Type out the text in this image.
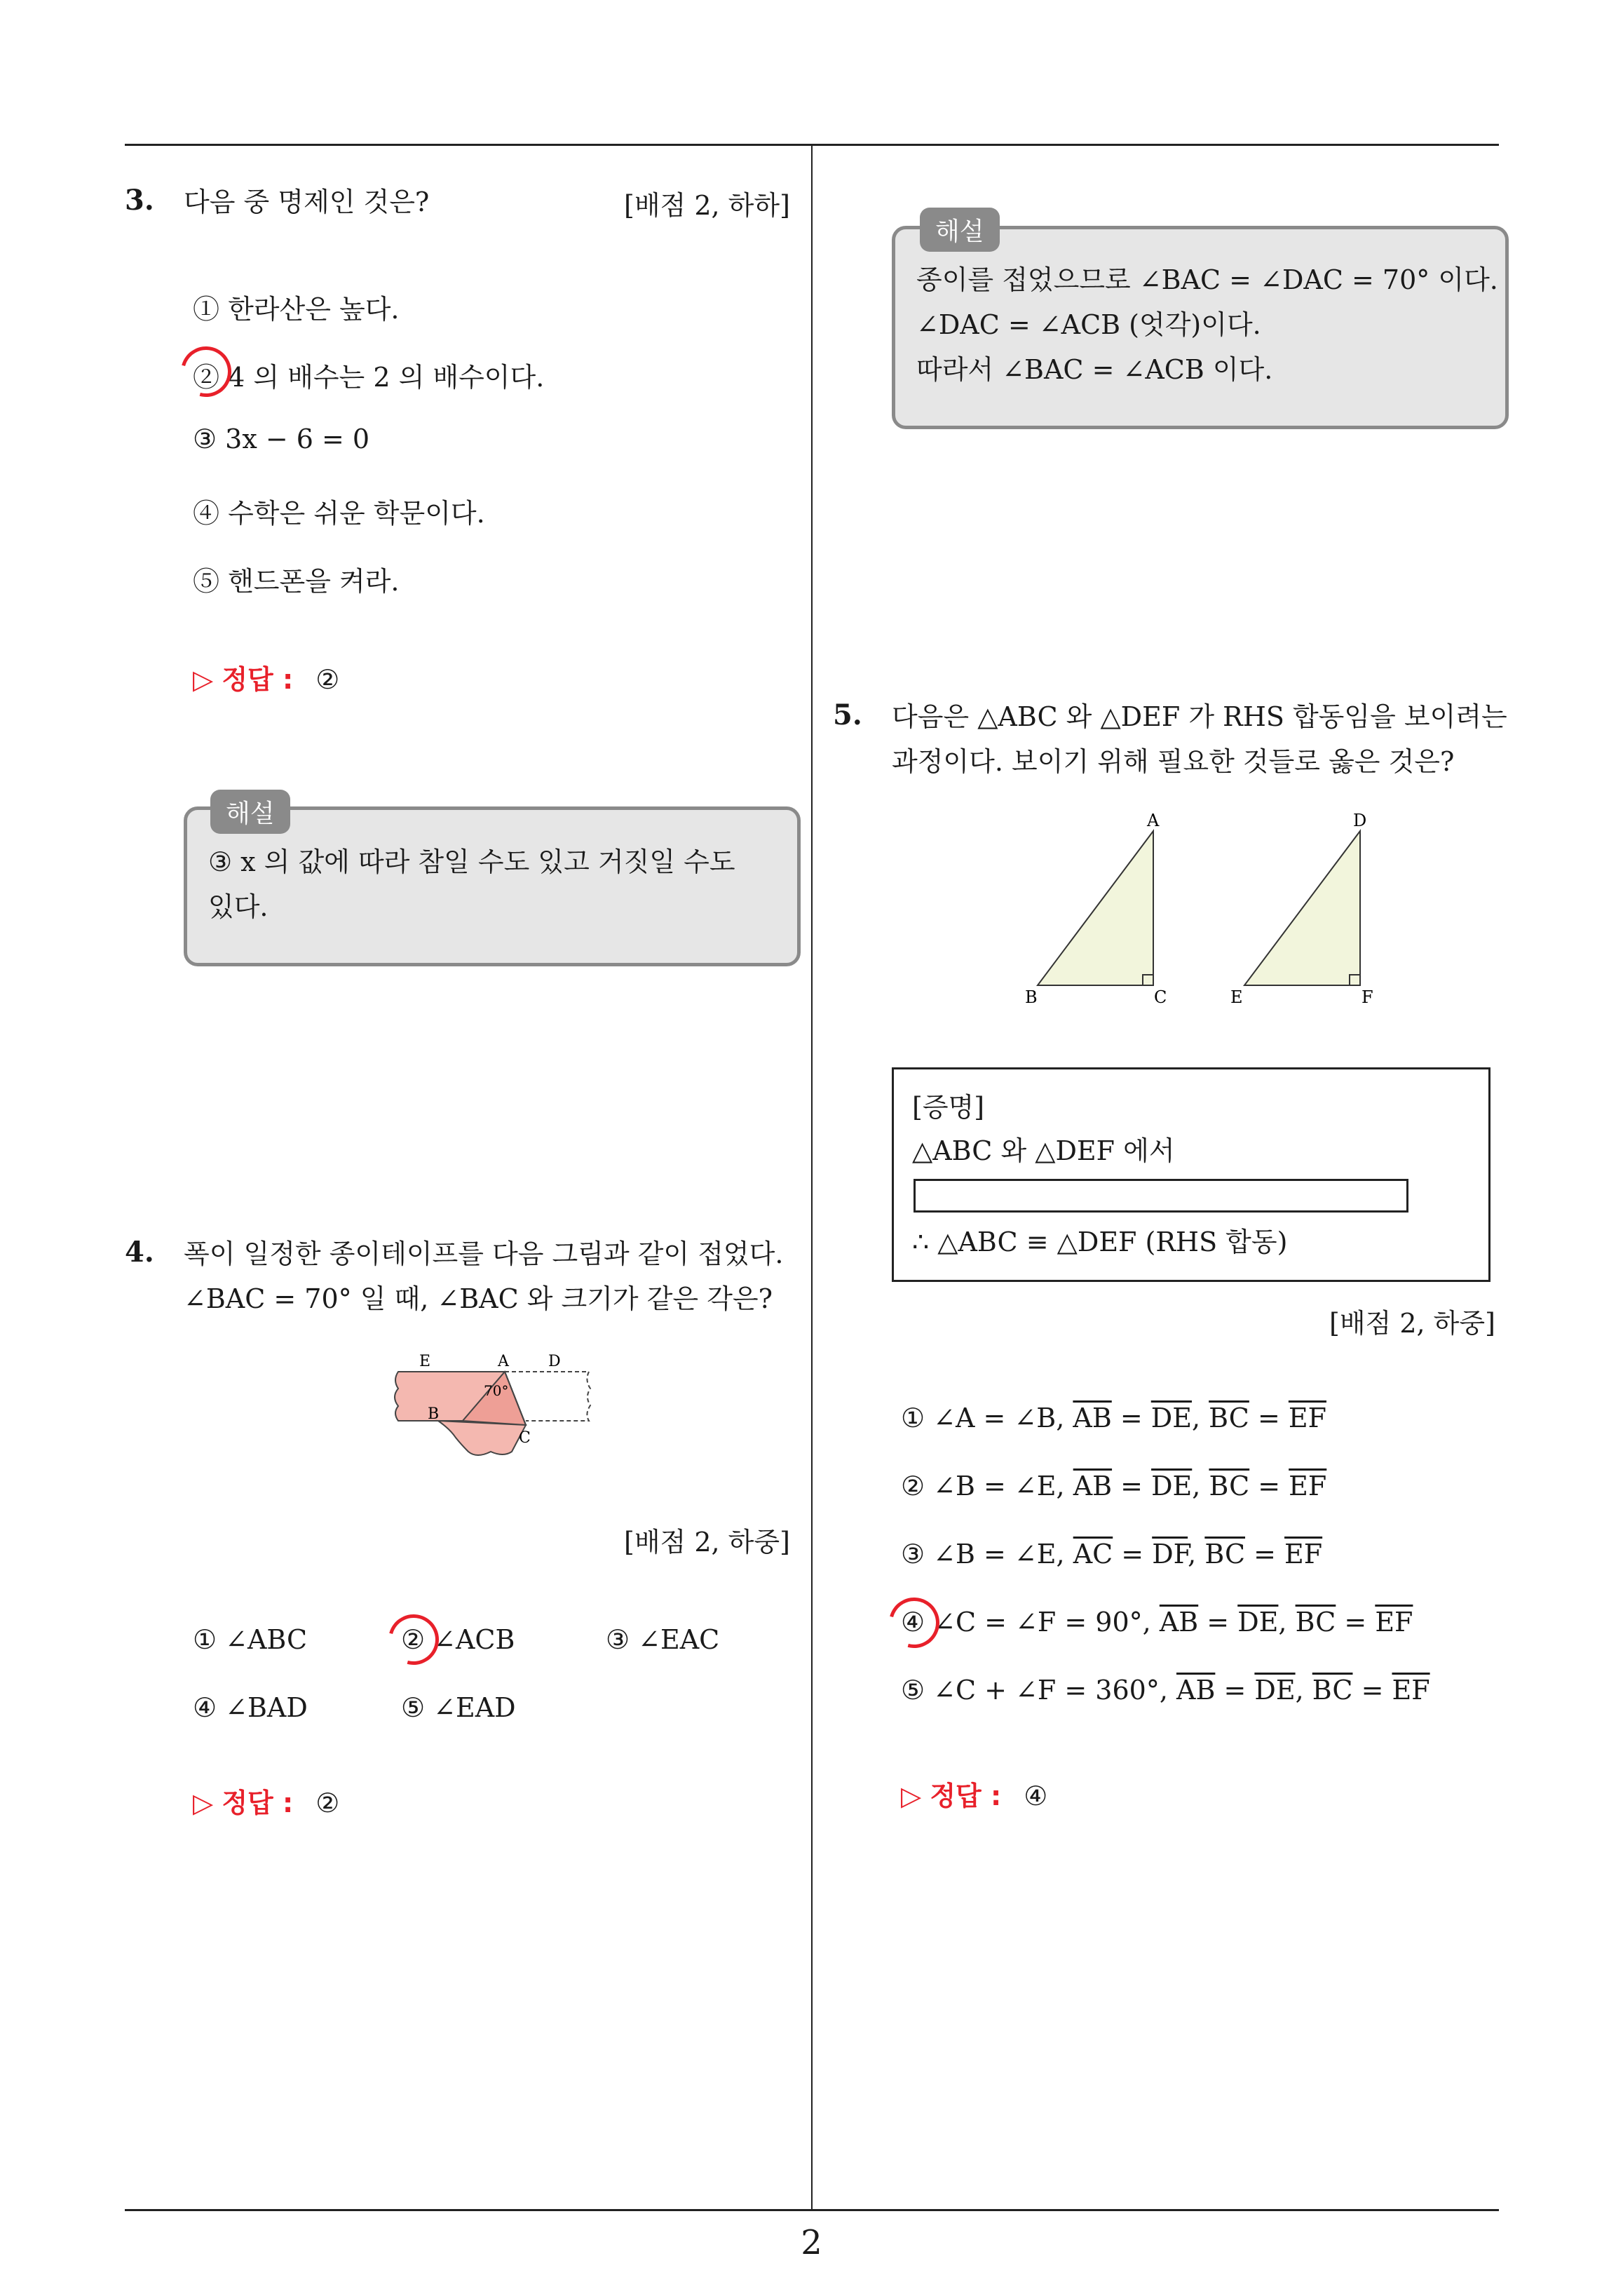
3. 다음 중 명제인 것은?	[배점 2, 하하]
① 한라산은 높다.
② 4 의 배수는 2 의 배수이다.
③ 3x − 6 = 0
④ 수학은 쉬운 학문이다.
⑤ 핸드폰을 켜라.
▷ 정답 : ②
③ x 의 값에 따라 참일 수도 있고 거짓일 수도
있다.
해설
4. 폭이 일정한 종이테이프를 다음 그림과 같이 접었다.
∠BAC = 70° 일 때, ∠BAC 와 크기가 같은 각은?
E	A	D
B
C
70°
[배점 2, 하중]
① ∠ABC	② ∠ACB	③ ∠EAC
④ ∠BAD	⑤ ∠EAD
▷ 정답 : ②
종이를 접었으므로 ∠BAC = ∠DAC = 70° 이다.
∠DAC = ∠ACB (엇각)이다.
따라서 ∠BAC = ∠ACB 이다.
해설
5. 다음은 △ABC 와 △DEF 가 RHS 합동임을 보이려는
과정이다. 보이기 위해 필요한 것들로 옳은 것은?
A
B	C
D
E	F
[증명]
△ABC 와 △DEF 에서
∴ △ABC ≡ △DEF (RHS 합동)
[배점 2, 하중]
① ∠A = ∠B, $\overline{AB} = \overline{DE}$, $\overline{BC} = \overline{EF}$
② ∠B = ∠E, $\overline{AB} = \overline{DE}$, $\overline{BC} = \overline{EF}$
③ ∠B = ∠E, $\overline{AC} = \overline{DF}$, $\overline{BC} = \overline{EF}$
④ ∠C = ∠F = 90°, $\overline{AB} = \overline{DE}$, $\overline{BC} = \overline{EF}$
⑤ ∠C + ∠F = 360°, $\overline{AB} = \overline{DE}$, $\overline{BC} = \overline{EF}$
▷ 정답 : ④
2
